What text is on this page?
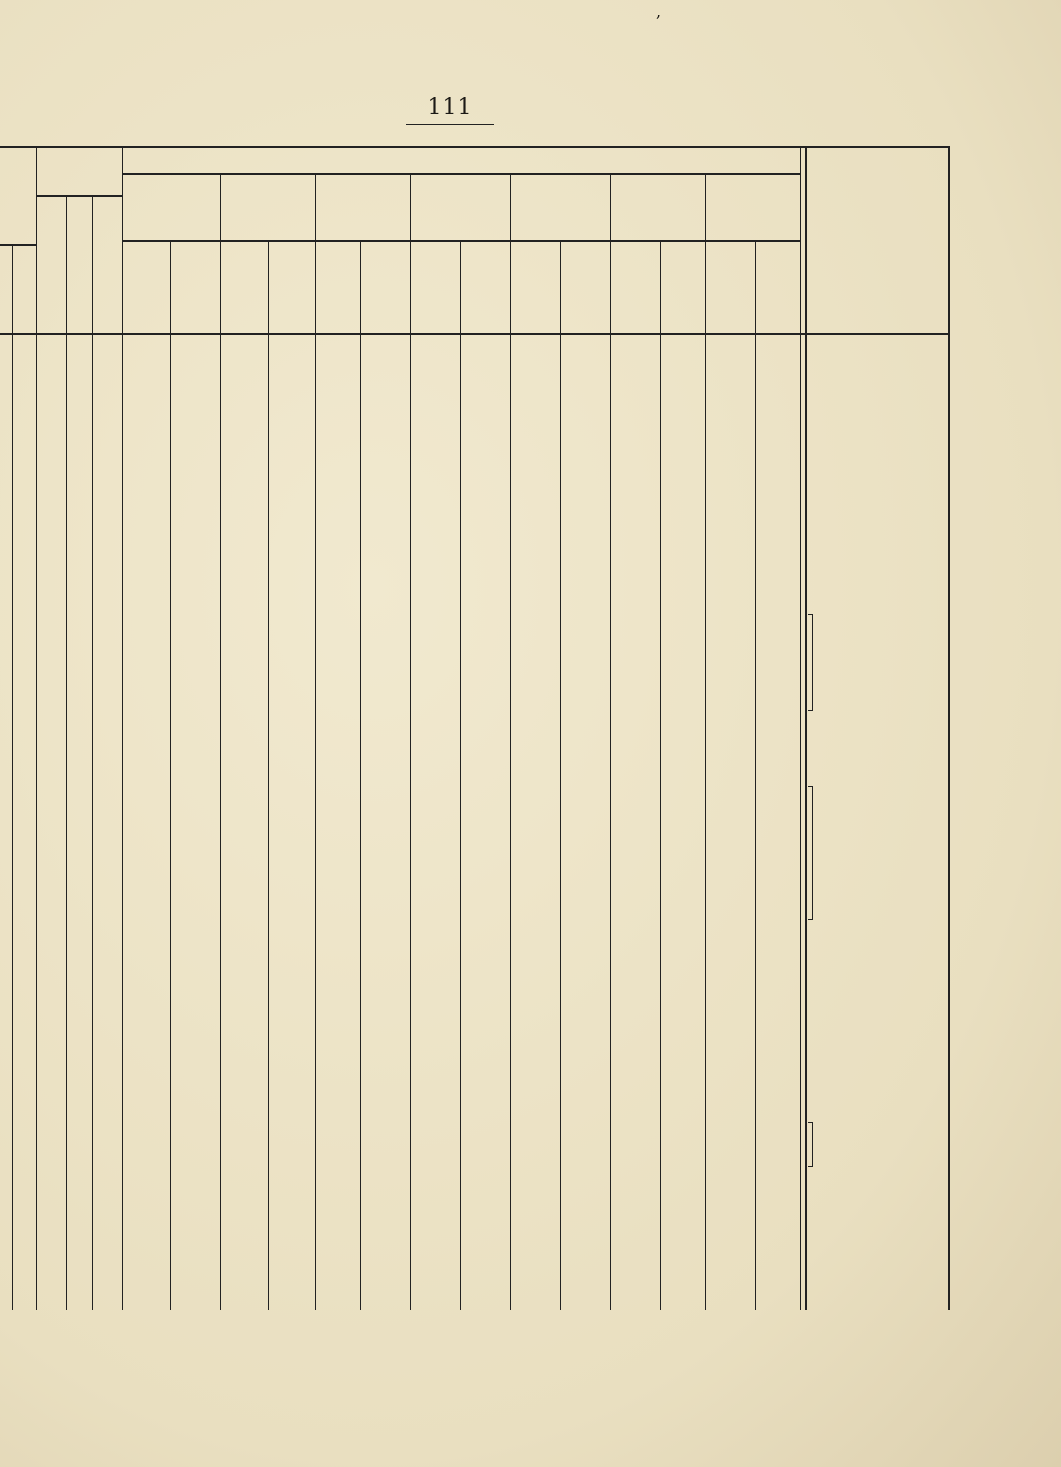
,
111
